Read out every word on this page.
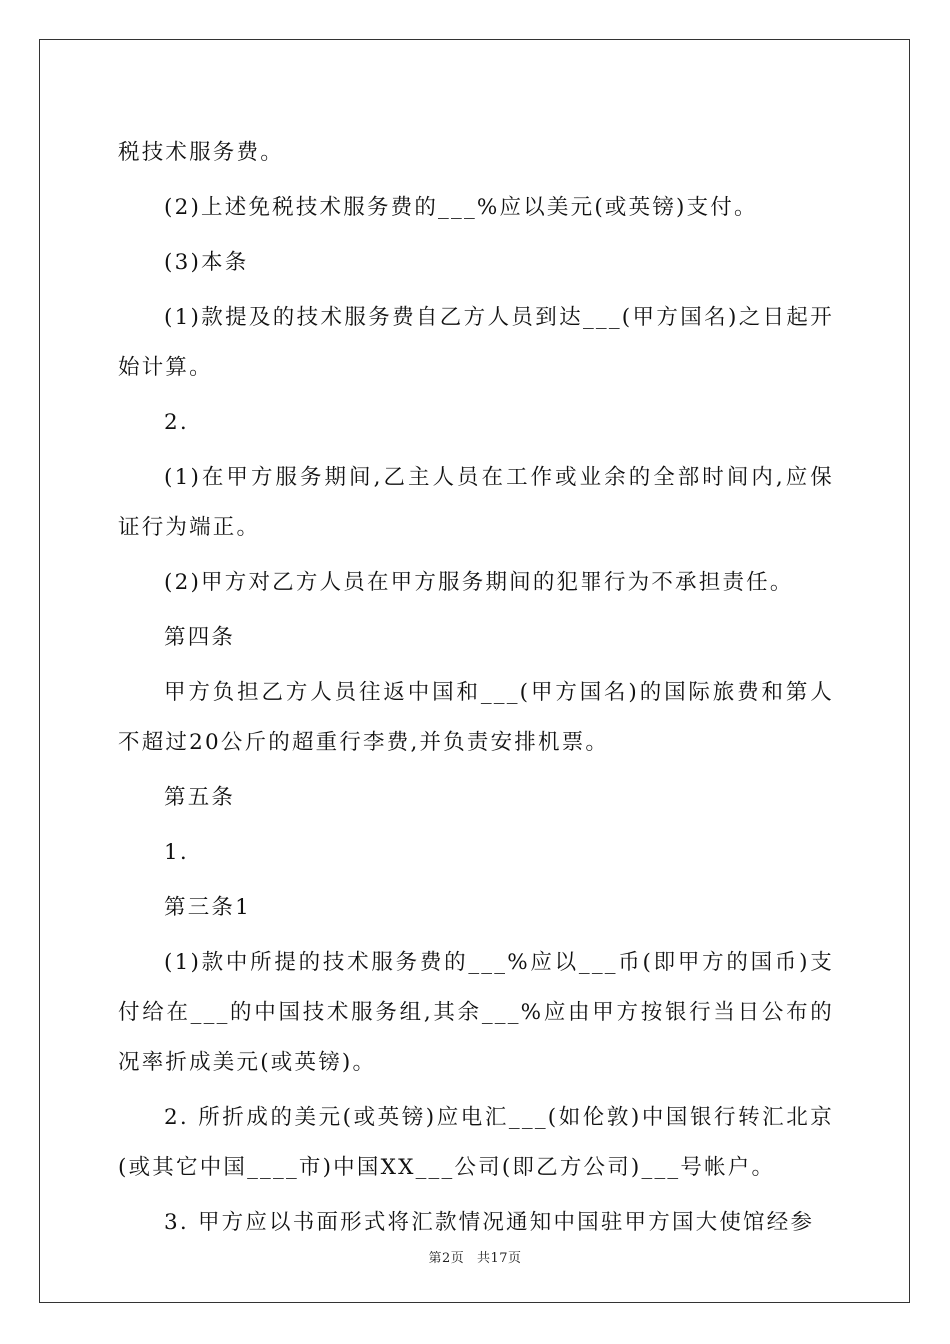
税技术服务费。

(2)上述免税技术服务费的___%应以美元(或英镑)支付。

(3)本条

(1)款提及的技术服务费自乙方人员到达___(甲方国名)之日起开始计算。

2.

(1)在甲方服务期间,乙主人员在工作或业余的全部时间内,应保证行为端正。

(2)甲方对乙方人员在甲方服务期间的犯罪行为不承担责任。

第四条

甲方负担乙方人员往返中国和___(甲方国名)的国际旅费和第人不超过20公斤的超重行李费,并负责安排机票。

第五条

1.

第三条1

(1)款中所提的技术服务费的___%应以___币(即甲方的国币)支付给在___的中国技术服务组,其余___%应由甲方按银行当日公布的况率折成美元(或英镑)。

2. 所折成的美元(或英镑)应电汇___(如伦敦)中国银行转汇北京(或其它中国____市)中国XX___公司(即乙方公司)___号帐户。

3. 甲方应以书面形式将汇款情况通知中国驻甲方国大使馆经参

第2页 共17页
